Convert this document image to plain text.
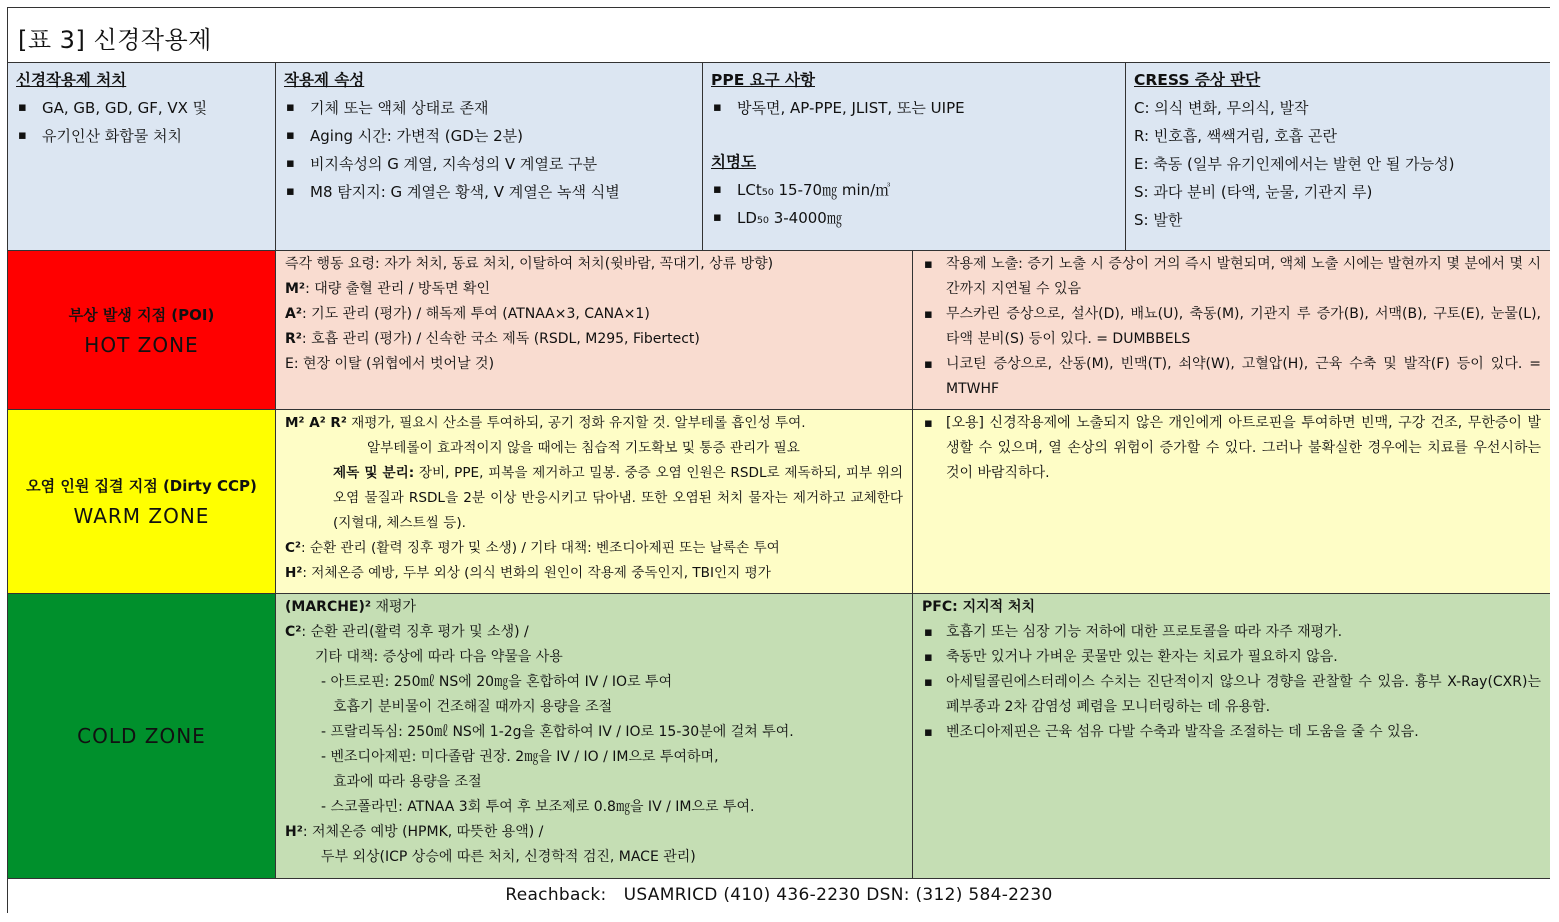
[표 3] 신경작용제
신경작용제 처치
▪ GA, GB, GD, GF, VX 및
▪ 유기인산 화합물 처치
작용제 속성
▪ 기체 또는 액체 상태로 존재
▪ Aging 시간: 가변적 (GD는 2분)
▪ 비지속성의 G 계열, 지속성의 V 계열로 구분
▪ M8 탐지지: G 계열은 황색, V 계열은 녹색 식별
PPE 요구 사항
▪ 방독면, AP-PPE, JLIST, 또는 UIPE
치명도
▪ LCt₅₀ 15-70㎎ min/㎥
▪ LD₅₀ 3-4000㎎
CRESS 증상 판단
C: 의식 변화, 무의식, 발작
R: 빈호흡, 쌕쌕거림, 호흡 곤란
E: 축동 (일부 유기인제에서는 발현 안 될 가능성)
S: 과다 분비 (타액, 눈물, 기관지 루)
S: 발한
부상 발생 지점 (POI)
HOT ZONE

즉각 행동 요령: 자가 처치, 동료 처치, 이탈하여 처치(윗바람, 꼭대기, 상류 방향)

M²: 대량 출혈 관리 / 방독면 확인

A²: 기도 관리 (평가) / 해독제 투여 (ATNAA×3, CANA×1)

R²: 호흡 관리 (평가) / 신속한 국소 제독 (RSDL, M295, Fibertect)

E: 현장 이탈 (위협에서 벗어날 것)

▪ 작용제 노출: 증기 노출 시 증상이 거의 즉시 발현되며, 액체 노출 시에는 발현까지 몇 분에서 몇 시간까지 지연될 수 있음
▪ 무스카린 증상으로, 설사(D), 배뇨(U), 축동(M), 기관지 루 증가(B), 서맥(B), 구토(E), 눈물(L), 타액 분비(S) 등이 있다. = DUMBBELS
▪ 니코틴 증상으로, 산동(M), 빈맥(T), 쇠약(W), 고혈압(H), 근육 수축 및 발작(F) 등이 있다. = MTWHF
오염 인원 집결 지점 (Dirty CCP)
WARM ZONE

M² A² R² 재평가, 필요시 산소를 투여하되, 공기 정화 유지할 것. 알부테롤 흡인성 투여.

알부테롤이 효과적이지 않을 때에는 침습적 기도확보 및 통증 관리가 필요

제독 및 분리: 장비, PPE, 피복을 제거하고 밀봉. 중증 오염 인원은 RSDL로 제독하되, 피부 위의 오염 물질과 RSDL을 2분 이상 반응시키고 닦아냄. 또한 오염된 처치 물자는 제거하고 교체한다 (지혈대, 체스트씰 등).

C²: 순환 관리 (활력 징후 평가 및 소생) / 기타 대책: 벤조디아제핀 또는 날록손 투여

H²: 저체온증 예방, 두부 외상 (의식 변화의 원인이 작용제 중독인지, TBI인지 평가

▪ [오용] 신경작용제에 노출되지 않은 개인에게 아트로핀을 투여하면 빈맥, 구강 건조, 무한증이 발생할 수 있으며, 열 손상의 위험이 증가할 수 있다. 그러나 불확실한 경우에는 치료를 우선시하는 것이 바람직하다.
COLD ZONE

(MARCHE)² 재평가

C²: 순환 관리(활력 징후 평가 및 소생) /

기타 대책: 증상에 따라 다음 약물을 사용

- 아트로핀: 250㎖ NS에 20㎎을 혼합하여 IV / IO로 투여

호흡기 분비물이 건조해질 때까지 용량을 조절

- 프랄리독심: 250㎖ NS에 1-2g을 혼합하여 IV / IO로 15-30분에 걸쳐 투여.

- 벤조디아제핀: 미다졸람 권장. 2㎎을 IV / IO / IM으로 투여하며,

효과에 따라 용량을 조절

- 스코폴라민: ATNAA 3회 투여 후 보조제로 0.8㎎을 IV / IM으로 투여.

H²: 저체온증 예방 (HPMK, 따뜻한 용액) /

두부 외상(ICP 상승에 따른 처치, 신경학적 검진, MACE 관리)

PFC: 지지적 처치

▪ 호흡기 또는 심장 기능 저하에 대한 프로토콜을 따라 자주 재평가.
▪ 축동만 있거나 가벼운 콧물만 있는 환자는 치료가 필요하지 않음.
▪ 아세틸콜린에스터레이스 수치는 진단적이지 않으나 경향을 관찰할 수 있음. 흉부 X-Ray(CXR)는 폐부종과 2차 감염성 폐렴을 모니터링하는 데 유용함.
▪ 벤조디아제핀은 근육 섬유 다발 수축과 발작을 조절하는 데 도움을 줄 수 있음.
Reachback:   USAMRICD (410) 436-2230 DSN: (312) 584-2230
